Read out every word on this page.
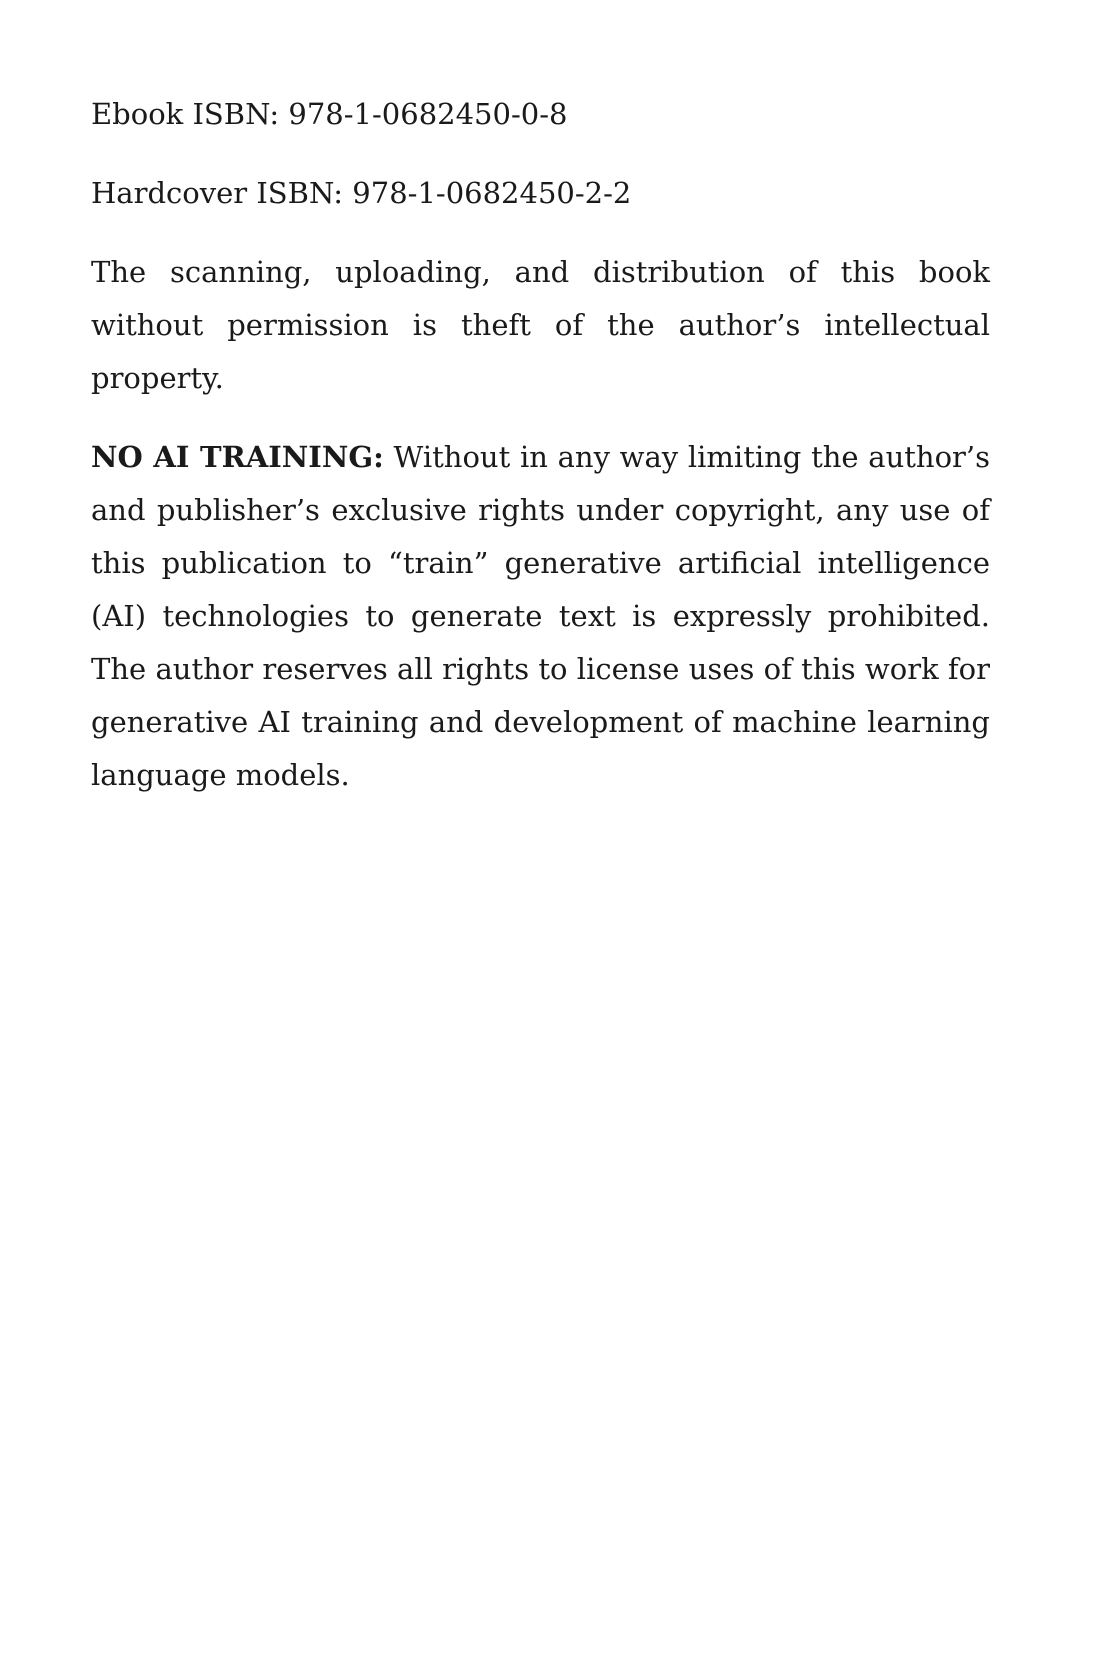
Ebook ISBN: 978-1-0682450-0-8

Hardcover ISBN: 978-1-0682450-2-2

The scanning, uploading, and distribution of this book without permission is theft of the author’s intellectual property.

NO AI TRAINING: Without in any way limiting the author’s and publisher’s exclusive rights under copyright, any use of this publication to “train” generative artificial intelligence (AI) technologies to generate text is expressly prohibited. The author reserves all rights to license uses of this work for generative AI training and development of machine learning language models.
